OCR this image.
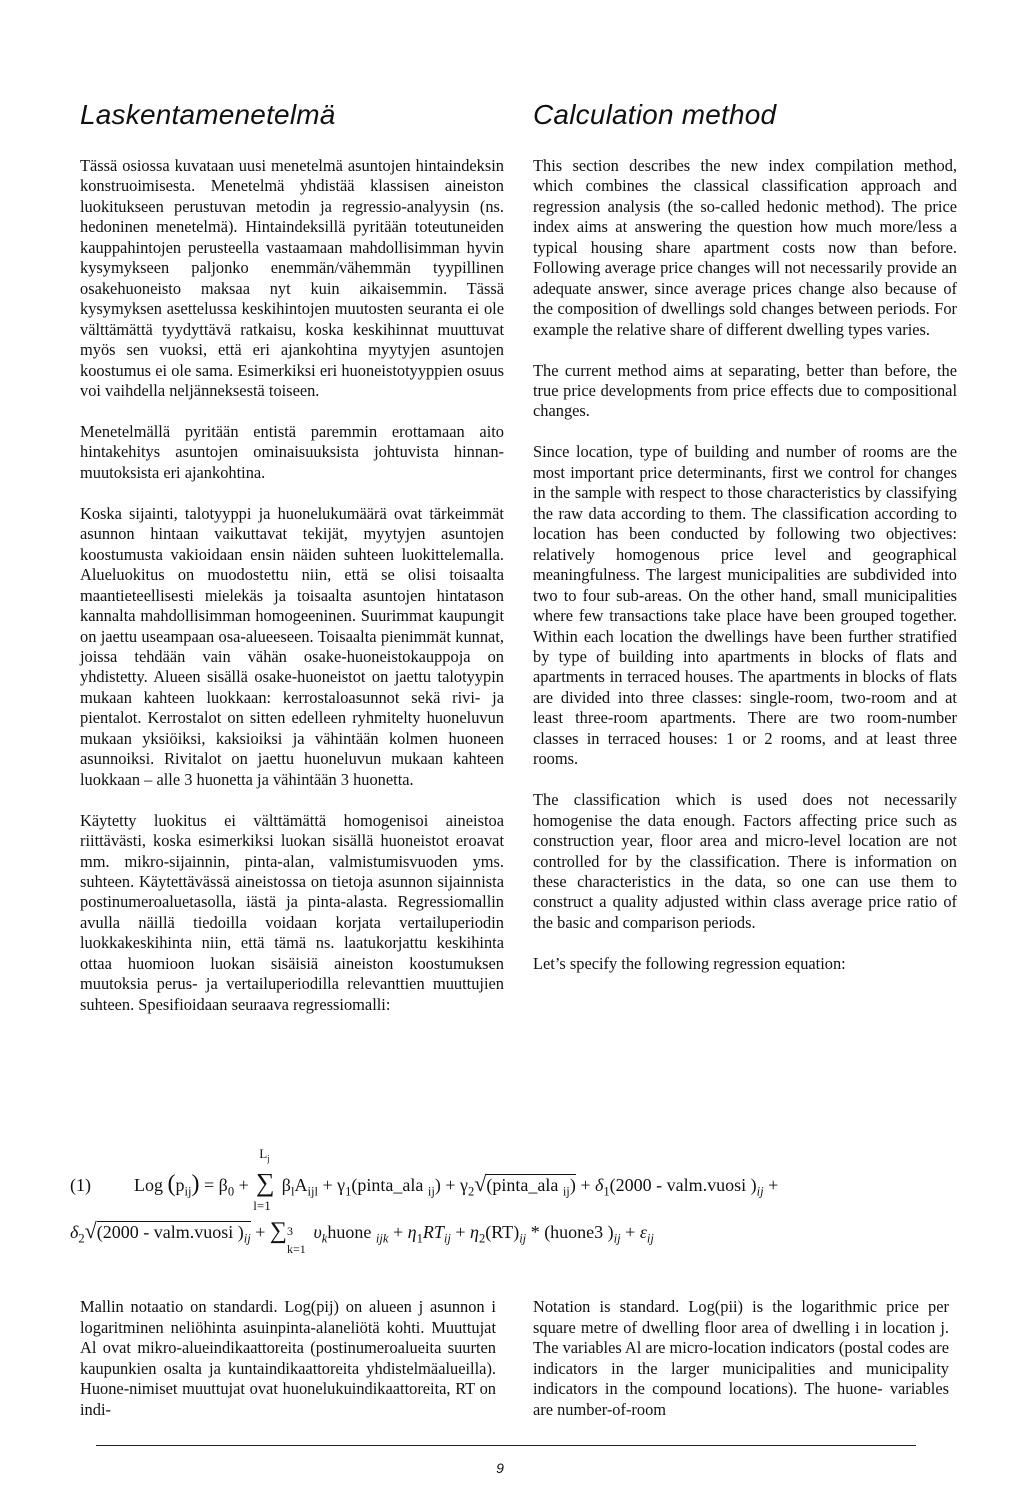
Laskentamenetelmä	Calculation method

Tässä osiossa kuvataan uusi menetelmä asuntojen hintaindeksin konstruoimisesta. Menetelmä yhdistää klassisen aineiston luokitukseen perustuvan metodin ja regressio-analyysin (ns. hedoninen menetelmä). Hintaindeksillä pyritään toteutuneiden kauppahintojen perusteella vastaamaan mahdollisimman hyvin kysymykseen paljonko enemmän/vähemmän tyypillinen osakehuoneisto maksaa nyt kuin aikaisemmin. Tässä kysymyksen asettelussa keskihintojen muutosten seuranta ei ole välttämättä tyydyttävä ratkaisu, koska keskihinnat muuttuvat myös sen vuoksi, että eri ajankohtina myytyjen asuntojen koostumus ei ole sama. Esimerkiksi eri huoneistotyyppien osuus voi vaihdella neljänneksestä toiseen.

Menetelmällä pyritään entistä paremmin erottamaan aito hintakehitys asuntojen ominaisuuksista johtuvista hinnan-muutoksista eri ajankohtina.

Koska sijainti, talotyyppi ja huonelukumäärä ovat tärkeimmät asunnon hintaan vaikuttavat tekijät, myytyjen asuntojen koostumusta vakioidaan ensin näiden suhteen luokittelemalla. Alueluokitus on muodostettu niin, että se olisi toisaalta maantieteellisesti mielekäs ja toisaalta asuntojen hintatason kannalta mahdollisimman homogeeninen. Suurimmat kaupungit on jaettu useampaan osa-alueeseen. Toisaalta pienimmät kunnat, joissa tehdään vain vähän osake-huoneistokauppoja on yhdistetty. Alueen sisällä osake-huoneistot on jaettu talotyypin mukaan kahteen luokkaan: kerrostaloasunnot sekä rivi- ja pientalot. Kerrostalot on sitten edelleen ryhmitelty huoneluvun mukaan yksiöiksi, kaksioiksi ja vähintään kolmen huoneen asunnoiksi. Rivitalot on jaettu huoneluvun mukaan kahteen luokkaan – alle 3 huonetta ja vähintään 3 huonetta.

Käytetty luokitus ei välttämättä homogenisoi aineistoa riittävästi, koska esimerkiksi luokan sisällä huoneistot eroavat mm. mikro-sijainnin, pinta-alan, valmistumisvuoden yms. suhteen. Käytettävässä aineistossa on tietoja asunnon sijainnista postinumeroaluetasolla, iästä ja pinta-alasta. Regressiomallin avulla näillä tiedoilla voidaan korjata vertailuperiodin luokkakeskihinta niin, että tämä ns. laatukorjattu keskihinta ottaa huomioon luokan sisäisiä aineiston koostumuksen muutoksia perus- ja vertailuperiodilla relevanttien muuttujien suhteen. Spesifioidaan seuraava regressiomalli:

This section describes the new index compilation method, which combines the classical classification approach and regression analysis (the so-called hedonic method). The price index aims at answering the question how much more/less a typical housing share apartment costs now than before. Following average price changes will not necessarily provide an adequate answer, since average prices change also because of the composition of dwellings sold changes between periods. For example the relative share of different dwelling types varies.

The current method aims at separating, better than before, the true price developments from price effects due to compositional changes.

Since location, type of building and number of rooms are the most important price determinants, first we control for changes in the sample with respect to those characteristics by classifying the raw data according to them. The classification according to location has been conducted by following two objectives: relatively homogenous price level and geographical meaningfulness. The largest municipalities are subdivided into two to four sub-areas. On the other hand, small municipalities where few transactions take place have been grouped together. Within each location the dwellings have been further stratified by type of building into apartments in blocks of flats and apartments in terraced houses. The apartments in blocks of flats are divided into three classes: single-room, two-room and at least three-room apartments. There are two room-number classes in terraced houses: 1 or 2 rooms, and at least three rooms.

The classification which is used does not necessarily homogenise the data enough. Factors affecting price such as construction year, floor area and micro-level location are not controlled for by the classification. There is information on these characteristics in the data, so one can use them to construct a quality adjusted within class average price ratio of the basic and comparison periods.

Let’s specify the following regression equation:

(1) Log $(p_{ij}) = \beta_0$ +
$L_j$
∑
l=1
$\beta_lA_{ijl}$ + $\gamma_1(pinta\_ala$ $_{ij}) + \gamma_2√(pinta\_ala$ $_{ij}) + \delta_1(2000$ - valm.vuosi )$_{ij}$ +
$\delta_2√(2000$ - valm.vuosi )$_{ij}$ + ∑ 3
k=1
$\upsilon_khuone$ $_{ijk} + \eta_1RT_{ij} + \eta_2(RT)_{ij}$ * (huone3 )$_{ij} + \varepsilon_{ij}$

Mallin notaatio on standardi. Log(pij) on alueen j asunnon i logaritminen neliöhinta asuinpinta-alaneliötä kohti. Muuttujat Al ovat mikro-alueindikaattoreita (postinumeroalueita suurten kaupunkien osalta ja kuntaindikaattoreita yhdistelmäalueilla). Huone-nimiset muuttujat ovat huonelukuindikaattoreita, RT on indi-

Notation is standard. Log(pii) is the logarithmic price per square metre of dwelling floor area of dwelling i in location j. The variables Al are micro-location indicators (postal codes are indicators in the larger municipalities and municipality indicators in the compound locations). The huone- variables are number-of-room

9
